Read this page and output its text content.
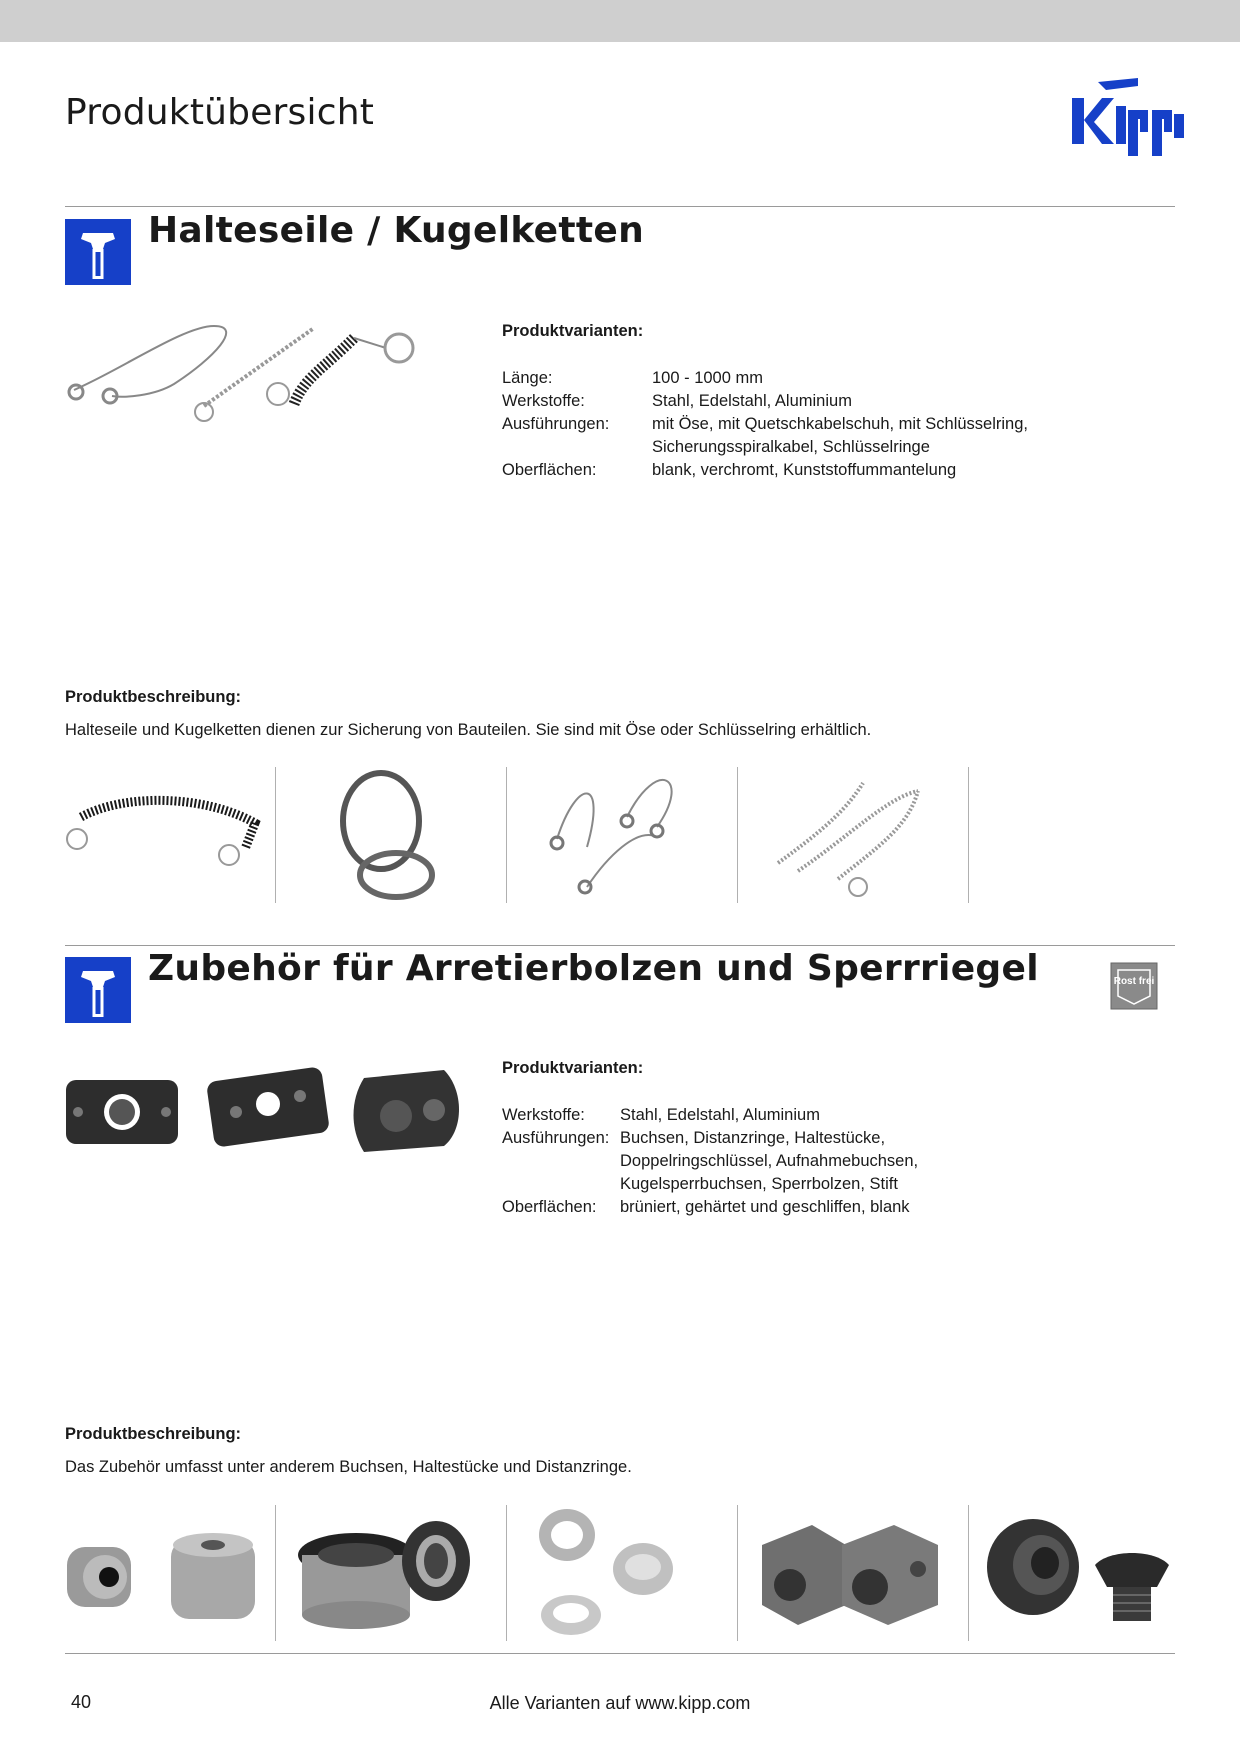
Produktübersicht
Halteseile / Kugelketten
Produktvarianten:
Länge:	100 - 1000 mm
Werkstoffe:	Stahl, Edelstahl, Aluminium
Ausführungen:	mit Öse, mit Quetschkabelschuh, mit Schlüsselring, Sicherungsspiralkabel, Schlüsselringe
Oberflächen:	blank, verchromt, Kunststoffummantelung
Produktbeschreibung:
Halteseile und Kugelketten dienen zur Sicherung von Bauteilen. Sie sind mit Öse oder Schlüsselring erhältlich.
Zubehör für Arretierbolzen und Sperrriegel	Rost frei
Produktvarianten:
Werkstoffe:	Stahl, Edelstahl, Aluminium
Ausführungen: Buchsen, Distanzringe, Haltestücke, Doppelringschlüssel, Aufnahmebuchsen, Kugelsperrbuchsen, Sperrbolzen, Stift
Oberflächen:	brüniert, gehärtet und geschliffen, blank
Produktbeschreibung:
Das Zubehör umfasst unter anderem Buchsen, Haltestücke und Distanzringe.
40	Alle Varianten auf www.kipp.com
